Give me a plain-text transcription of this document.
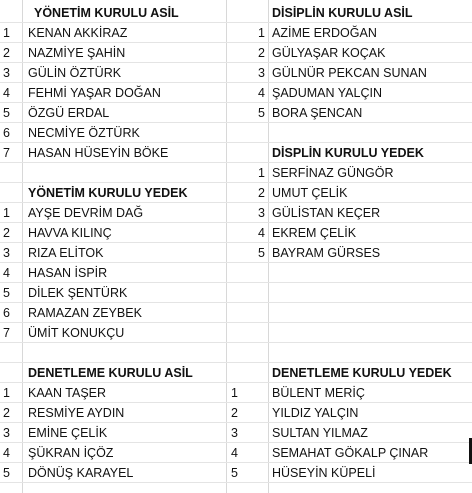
YÖNETİM KURULU ASİL
1 KENAN AKKİRAZ
2 NAZMİYE ŞAHİN
3 GÜLİN ÖZTÜRK
4 FEHMİ YAŞAR DOĞAN
5 ÖZGÜ ERDAL
6 NECMİYE ÖZTÜRK
7 HASAN HÜSEYİN BÖKE
DİSİPLİN KURULU ASİL
1 AZİME ERDOĞAN
2 GÜLYAŞAR KOÇAK
3 GÜLNÜR PEKCAN SUNAN
4 ŞADUMAN YALÇIN
5 BORA ŞENCAN
DİSPLİN KURULU YEDEK
1 SERFİNAZ GÜNGÖR
2 UMUT ÇELİK
3 GÜLİSTAN KEÇER
4 EKREM ÇELİK
5 BAYRAM GÜRSES
YÖNETİM KURULU YEDEK
1 AYŞE DEVRİM DAĞ
2 HAVVA KILINÇ
3 RIZA ELİTOK
4 HASAN İSPİR
5 DİLEK ŞENTÜRK
6 RAMAZAN ZEYBEK
7 ÜMİT KONUKÇU
DENETLEME KURULU ASİL
1 KAAN TAŞER
2 RESMİYE AYDIN
3 EMİNE ÇELİK
4 ŞÜKRAN İÇÖZ
5 DÖNÜŞ KARAYEL
DENETLEME KURULU YEDEK
1	BÜLENT MERİÇ
2	YILDIZ YALÇIN
3	SULTAN YILMAZ
4	SEMAHAT GÖKALP ÇINAR
5	HÜSEYİN KÜPELİ
